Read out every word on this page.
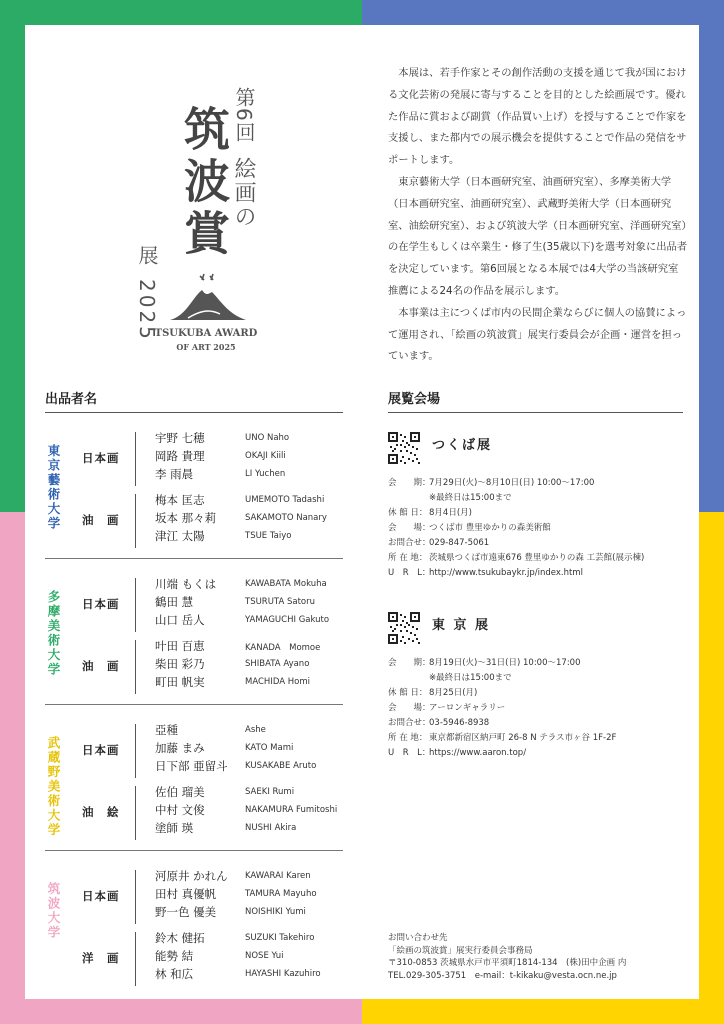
第6回
絵画の
筑波賞
展2025
TSUKUBA AWARD
OF ART 2025

本展は、若手作家とその創作活動の支援を通じて我が国における文化芸術の発展に寄与することを目的とした絵画展です。優れた作品に賞および副賞（作品買い上げ）を授与することで作家を支援し、また都内での展示機会を提供することで作品の発信をサポートします。

東京藝術大学（日本画研究室、油画研究室）、多摩美術大学（日本画研究室、油画研究室）、武蔵野美術大学（日本画研究室、油絵研究室）、および筑波大学（日本画研究室、洋画研究室）の在学生もしくは卒業生・修了生(35歳以下)を選考対象に出品者を決定しています。第6回展となる本展では4大学の当該研究室推薦による24名の作品を展示します。

本事業は主につくば市内の民間企業ならびに個人の協賛によって運用され、「絵画の筑波賞」展実行委員会が企画・運営を担っています。

出品者名	展覧会場
東京藝術大学 日本画
宇野 七穂	UNO Naho
岡路 貴理	OKAJI Kiili
李 雨晨	LI Yuchen
油　画
梅本 匡志	UMEMOTO Tadashi
坂本 那々莉	SAKAMOTO Nanary
津江 太陽	TSUE Taiyo
多摩美術大学 日本画
川端 もくは	KAWABATA Mokuha
鶴田 慧	TSURUTA Satoru
山口 岳人	YAMAGUCHI Gakuto
油　画
叶田 百恵	KANADA　Momoe
柴田 彩乃	SHIBATA Ayano
町田 帆実	MACHIDA Homi
武蔵野美術大学 日本画
亞種	Ashe
加藤 まみ	KATO Mami
日下部 亜留斗 KUSAKABE Aruto
油　絵
佐伯 瑠美	SAEKI Rumi
中村 文俊	NAKAMURA Fumitoshi
塗師 瑛	NUSHI Akira
筑波大学 日本画
河原井 かれん KAWARAI Karen
田村 真優帆	TAMURA Mayuho
野一色 優美	NOISHIKI Yumi
洋　画
鈴木 健拓	SUZUKI Takehiro
能勢 結	NOSE Yui
林 和広	HAYASHI Kazuhiro
つくば展
会　　期：7月29日(火)～8月10日(日) 10:00～17:00
※最終日は15:00まで
休 館 日： 8月4日(月)
会　　場：つくば市 豊里ゆかりの森美術館
お問合せ：029-847-5061
所 在 地： 茨城県つくば市遠東676 豊里ゆかりの森 工芸館(展示棟)
U　R　L：http://www.tsukubaykr.jp/index.html
東 京 展
会　　期：8月19日(火)～31日(日) 10:00～17:00
※最終日は15:00まで
休 館 日： 8月25日(月)
会　　場：アーロンギャラリー
お問合せ：03-5946-8938
所 在 地： 東京都新宿区納戸町 26-8 N テラス市ヶ谷 1F-2F
U　R　L：https://www.aaron.top/
お問い合わせ先
「絵画の筑波賞」展実行委員会事務局
〒310-0853 茨城県水戸市平須町1814-134　(株)田中企画 内
TEL.029-305-3751　e-mail：t-kikaku@vesta.ocn.ne.jp
